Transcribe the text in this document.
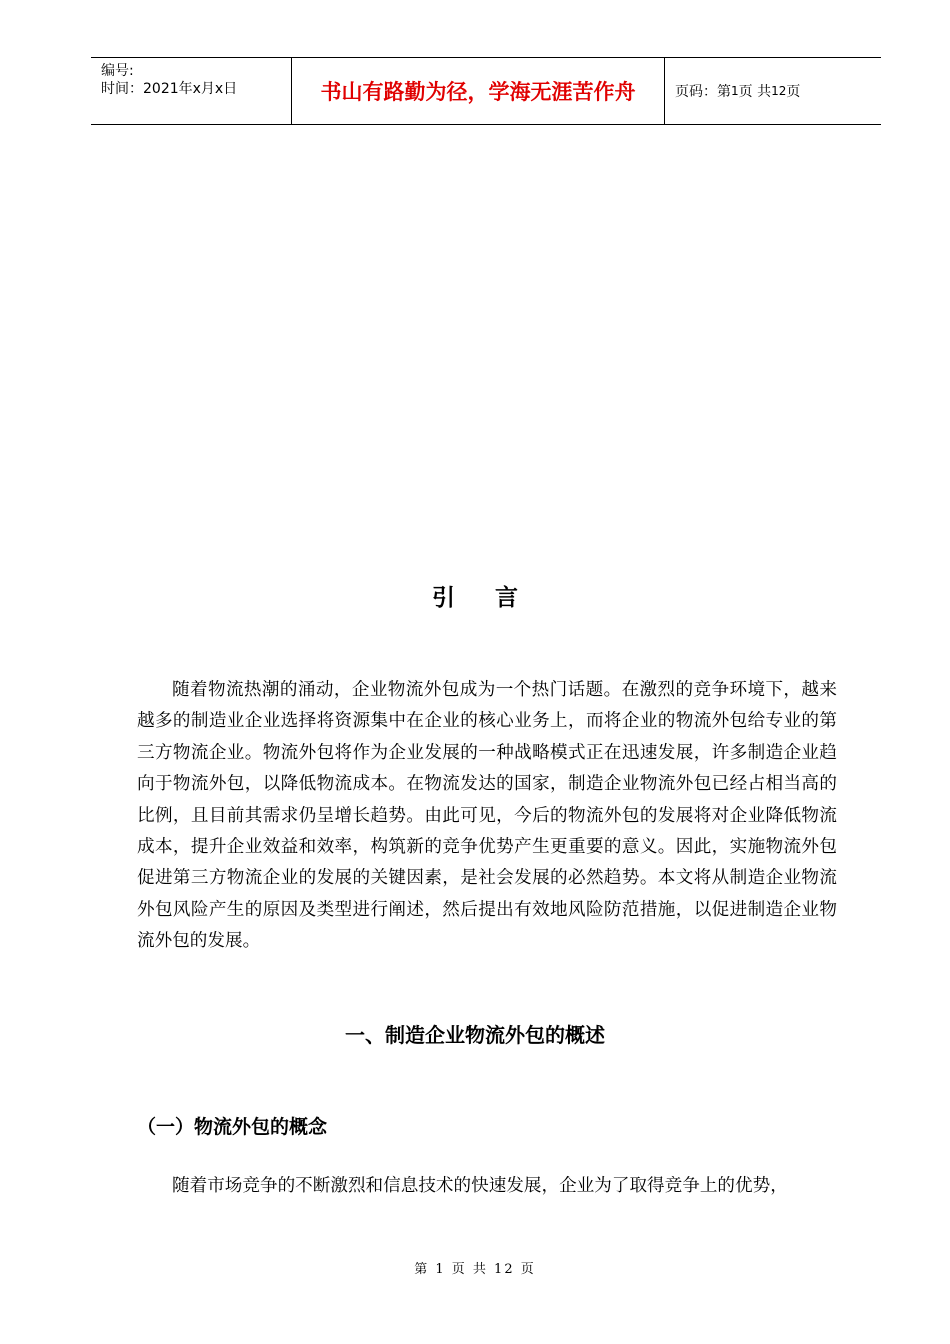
编号:
时间：2021年x月x日	书山有路勤为径，学海无涯苦作舟	页码：第 1 页 共 12 页
引言
随着物流热潮的涌动，企业物流外包成为一个热门话题。在激烈的竞争环境下，越来越多的制造业企业选择将资源集中在企业的核心业务上，而将企业的物流外包给专业的第三方物流企业。物流外包将作为企业发展的一种战略模式正在迅速发展，许多制造企业趋向于物流外包，以降低物流成本。在物流发达的国家，制造企业物流外包已经占相当高的比例，且目前其需求仍呈增长趋势。由此可见，今后的物流外包的发展将对企业降低物流成本，提升企业效益和效率，构筑新的竞争优势产生更重要的意义。因此，实施物流外包促进第三方物流企业的发展的关键因素，是社会发展的必然趋势。本文将从制造企业物流外包风险产生的原因及类型进行阐述，然后提出有效地风险防范措施，以促进制造企业物流外包的发展。
一、制造企业物流外包的概述
（一）物流外包的概念
随着市场竞争的不断激烈和信息技术的快速发展，企业为了取得竞争上的优势，
第 1 页 共 12 页
